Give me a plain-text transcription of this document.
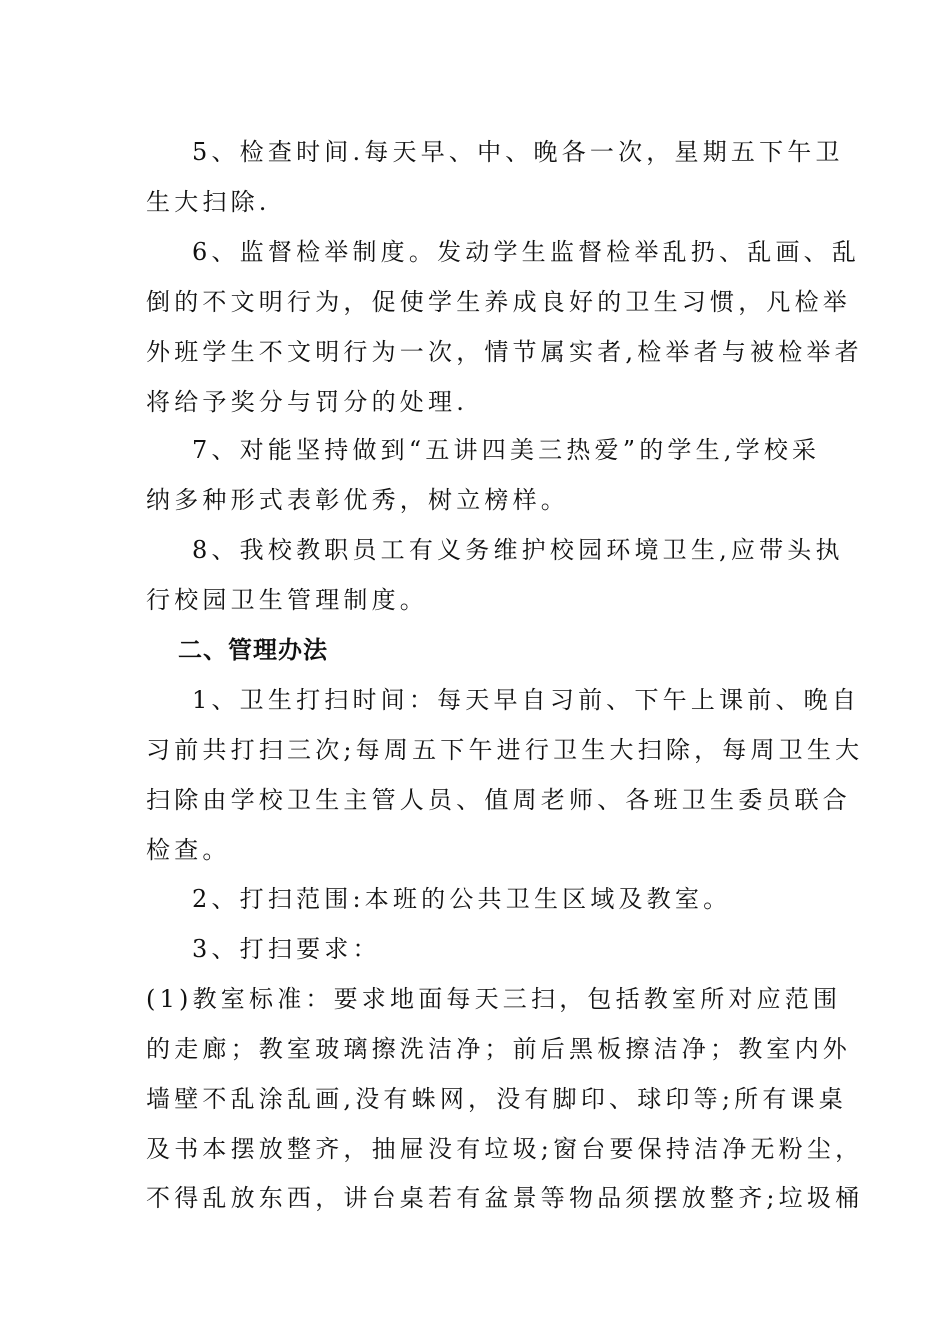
5、检查时间.每天早、中、晚各一次，星期五下午卫
生大扫除.
6、监督检举制度。发动学生监督检举乱扔、乱画、乱
倒的不文明行为，促使学生养成良好的卫生习惯，凡检举
外班学生不文明行为一次，情节属实者,检举者与被检举者
将给予奖分与罚分的处理.
7、对能坚持做到“五讲四美三热爱”的学生,学校采
纳多种形式表彰优秀，树立榜样。
8、我校教职员工有义务维护校园环境卫生,应带头执
行校园卫生管理制度。
二、管理办法
1、卫生打扫时间：每天早自习前、下午上课前、晚自
习前共打扫三次;每周五下午进行卫生大扫除，每周卫生大
扫除由学校卫生主管人员、值周老师、各班卫生委员联合
检查。
2、打扫范围:本班的公共卫生区域及教室。
3、打扫要求：
(1)教室标准：要求地面每天三扫，包括教室所对应范围
的走廊；教室玻璃擦洗洁净；前后黑板擦洁净；教室内外
墙壁不乱涂乱画,没有蛛网，没有脚印、球印等;所有课桌
及书本摆放整齐，抽屉没有垃圾;窗台要保持洁净无粉尘，
不得乱放东西，讲台桌若有盆景等物品须摆放整齐;垃圾桶
